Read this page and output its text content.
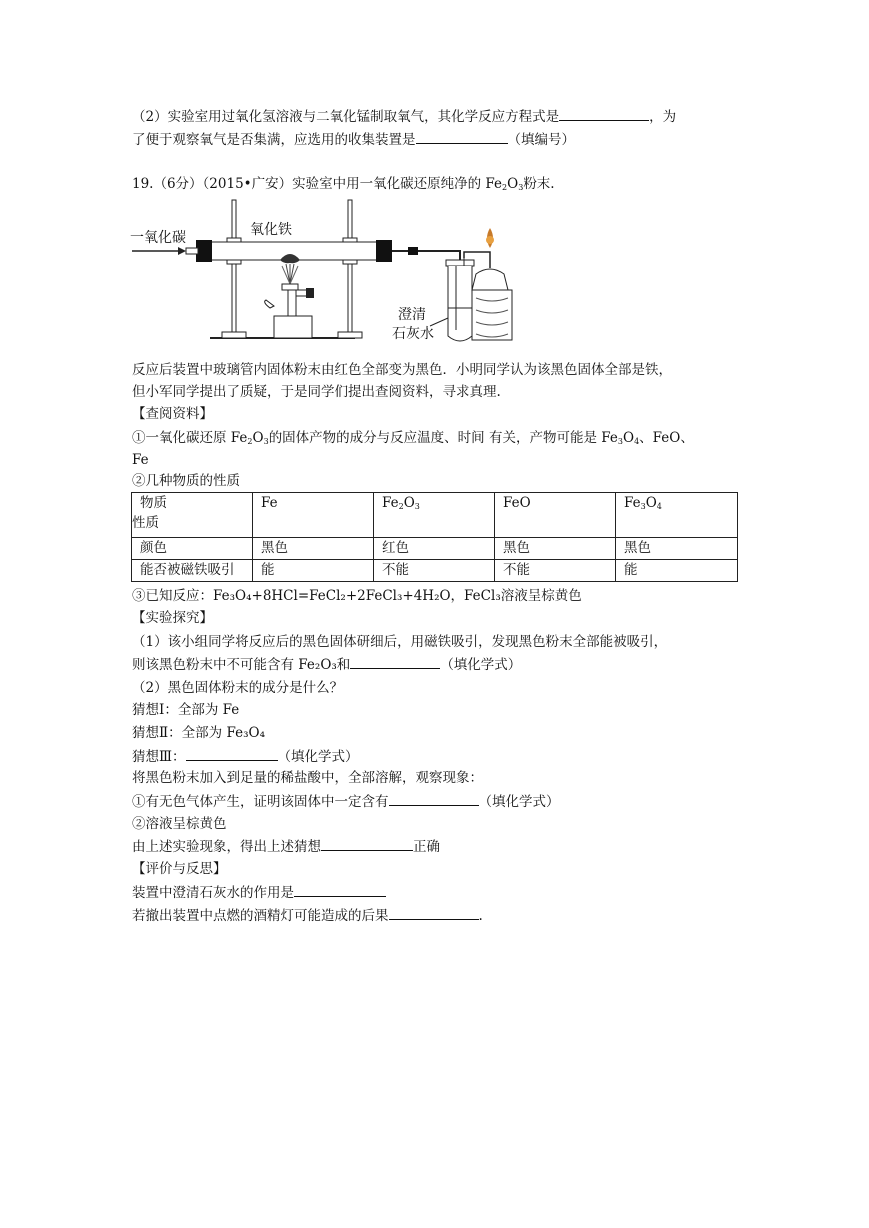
（2）实验室用过氧化氢溶液与二氧化锰制取氧气，其化学反应方程式是	，为
了便于观察氧气是否集满，应选用的收集装置是	（填编号）
19.（6分）（2015•广安）实验室中用一氧化碳还原纯净的 $Fe_2O_3$粉末.
一氧化碳	氧化铁
澄清
石灰水
反应后装置中玻璃管内固体粉末由红色全部变为黑色．小明同学认为该黑色固体全部是铁，
但小军同学提出了质疑，于是同学们提出查阅资料，寻求真理.
【查阅资料】
①一氧化碳还原 $Fe_2O_3$的固体产物的成分与反应温度、时间 有关，产物可能是 $Fe_3O_4$、FeO、
Fe
②几种物质的性质
物质
性质	Fe	$Fe_2O_3$	FeO	$Fe_3O_4$
颜色	黑色	红色	黑色	黑色
能否被磁铁吸引	能	不能	不能	能
③已知反应：Fe₃O₄+8HCl=FeCl₂+2FeCl₃+4H₂O，FeCl₃溶液呈棕黄色
【实验探究】
（1）该小组同学将反应后的黑色固体研细后，用磁铁吸引，发现黑色粉末全部能被吸引，
则该黑色粉末中不可能含有 Fe₂O₃和	（填化学式）
（2）黑色固体粉末的成分是什么？
猜想Ⅰ：全部为 Fe
猜想Ⅱ：全部为 Fe₃O₄
猜想Ⅲ：	（填化学式）
将黑色粉末加入到足量的稀盐酸中，全部溶解，观察现象：
①有无色气体产生，证明该固体中一定含有	（填化学式）
②溶液呈棕黄色
由上述实验现象，得出上述猜想	正确
【评价与反思】
装置中澄清石灰水的作用是
若撤出装置中点燃的酒精灯可能造成的后果	.
